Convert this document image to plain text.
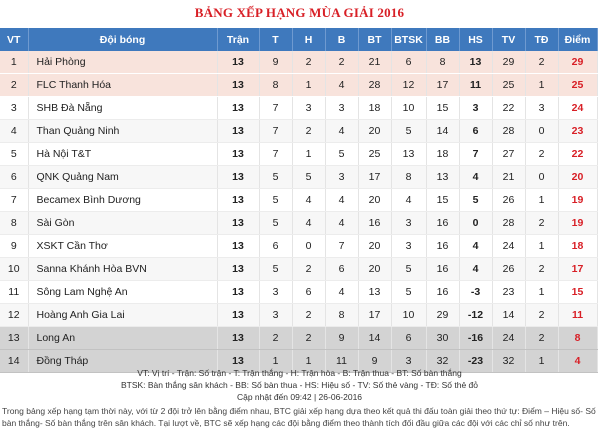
BẢNG XẾP HẠNG MÙA GIẢI 2016
VT	Đội bóng	Trận	T	H	B	BT	BTSK	BB	HS	TV	TĐ	Điểm
1	Hải Phòng	13	9	2	2	21	6	8	13	29	2	29
2	FLC Thanh Hóa	13	8	1	4	28	12	17	11	25	1	25
3	SHB Đà Nẵng	13	7	3	3	18	10	15	3	22	3	24
4	Than Quảng Ninh	13	7	2	4	20	5	14	6	28	0	23
5	Hà Nội T&T	13	7	1	5	25	13	18	7	27	2	22
6	QNK Quảng Nam	13	5	5	3	17	8	13	4	21	0	20
7	Becamex Bình Dương	13	5	4	4	20	4	15	5	26	1	19
8	Sài Gòn	13	5	4	4	16	3	16	0	28	2	19
9	XSKT Cần Thơ	13	6	0	7	20	3	16	4	24	1	18
10	Sanna Khánh Hòa BVN	13	5	2	6	20	5	16	4	26	2	17
11	Sông Lam Nghệ An	13	3	6	4	13	5	16	-3	23	1	15
12	Hoàng Anh Gia Lai	13	3	2	8	17	10	29	-12	14	2	11
13	Long An	13	2	2	9	14	6	30	-16	24	2	8
14	Đồng Tháp	13	1	1	11	9	3	32	-23	32	1	4
VT: Vị trí - Trận: Số trận - T: Trận thắng - H: Trận hòa - B: Trận thua - BT: Số bàn thắng
BTSK: Bàn thắng sân khách - BB: Số bàn thua - HS: Hiệu số - TV: Số thẻ vàng - TĐ: Số thẻ đỏ
Cập nhật đến 09:42 | 26-06-2016
Trong bảng xếp hạng tạm thời này, với từ 2 đội trở lên bằng điểm nhau, BTC giải xếp hạng dựa theo kết quả thi đấu toàn giải theo thứ tự: Điểm – Hiệu số- Số bàn thắng- Số bàn thắng trên sân khách. Tại lượt về, BTC sẽ xếp hạng các đội bằng điểm theo thành tích đối đầu giữa các đội với các chỉ số như trên.
